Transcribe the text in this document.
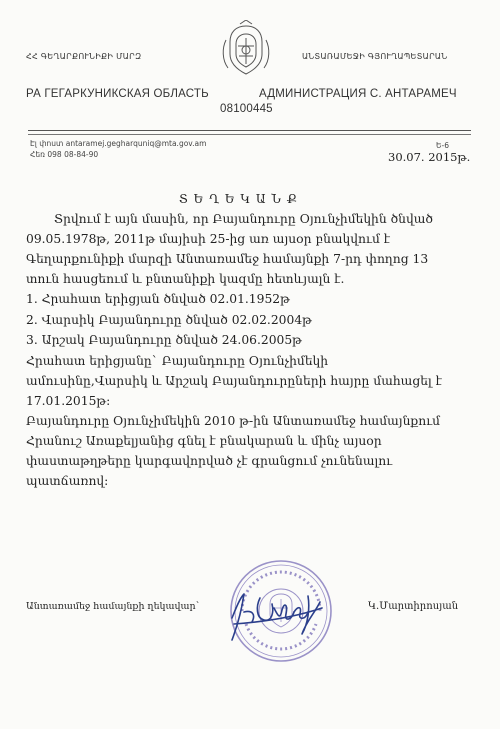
ՀՀ ԳԵՂԱՐՔՈՒՆԻՔԻ ՄԱՐԶ	ԱՆՏԱՌԱՄԵՋԻ ԳՅՈՒՂԱՊԵՏԱՐԱՆ
РА ГЕГАРКУНИКСКАЯ ОБЛАСТЬ	АДМИНИСТРАЦИЯ С. АНТАРАМЕЧ
08100445
Էլ փոստ antaramej.gegharquniq@mta.gov.am
Հեռ 098 08-84-90
Ե-6
30.07. 2015թ.
Տ Ե Ղ Ե Կ Ա Ն Ք
Տրվում է այն մասին, որ Բայանդուրը Օյունչիմեկին ծնված
09.05.1978թ, 2011թ մայիսի 25-ից առ այսօր բնակվում է
Գեղարքունիքի մարզի Անտառամեջ համայնքի 7-րդ փողոց 13
տուն հասցեում և բնտանիքի կազմը հետևյալն է.
1. Հրահատ երիցյան ծնված 02.01.1952թ
2. Վարսիկ Բայանդուրը ծնված 02.02.2004թ
3. Արշակ Բայանդուրը ծնված 24.06.2005թ
Հրահատ երիցյանը` Բայանդուրը Օյունչիմեկի
ամուսինը,Վարսիկ և Արշակ Բայանդուրըների հայրը մահացել է
17.01.2015թ:
Բայանդուրը Օյունչիմեկին 2010 թ-ին Անտառամեջ համայնքում
Հրանուշ Առաքելյանից գնել է բնակարան և մինչ այսօր
փաստաթղթերը կարգավորված չէ գրանցում չունենալու
պատճառով:
Անտառամեջ համայնքի ղեկավար`	Կ.Մարտիրոսյան
